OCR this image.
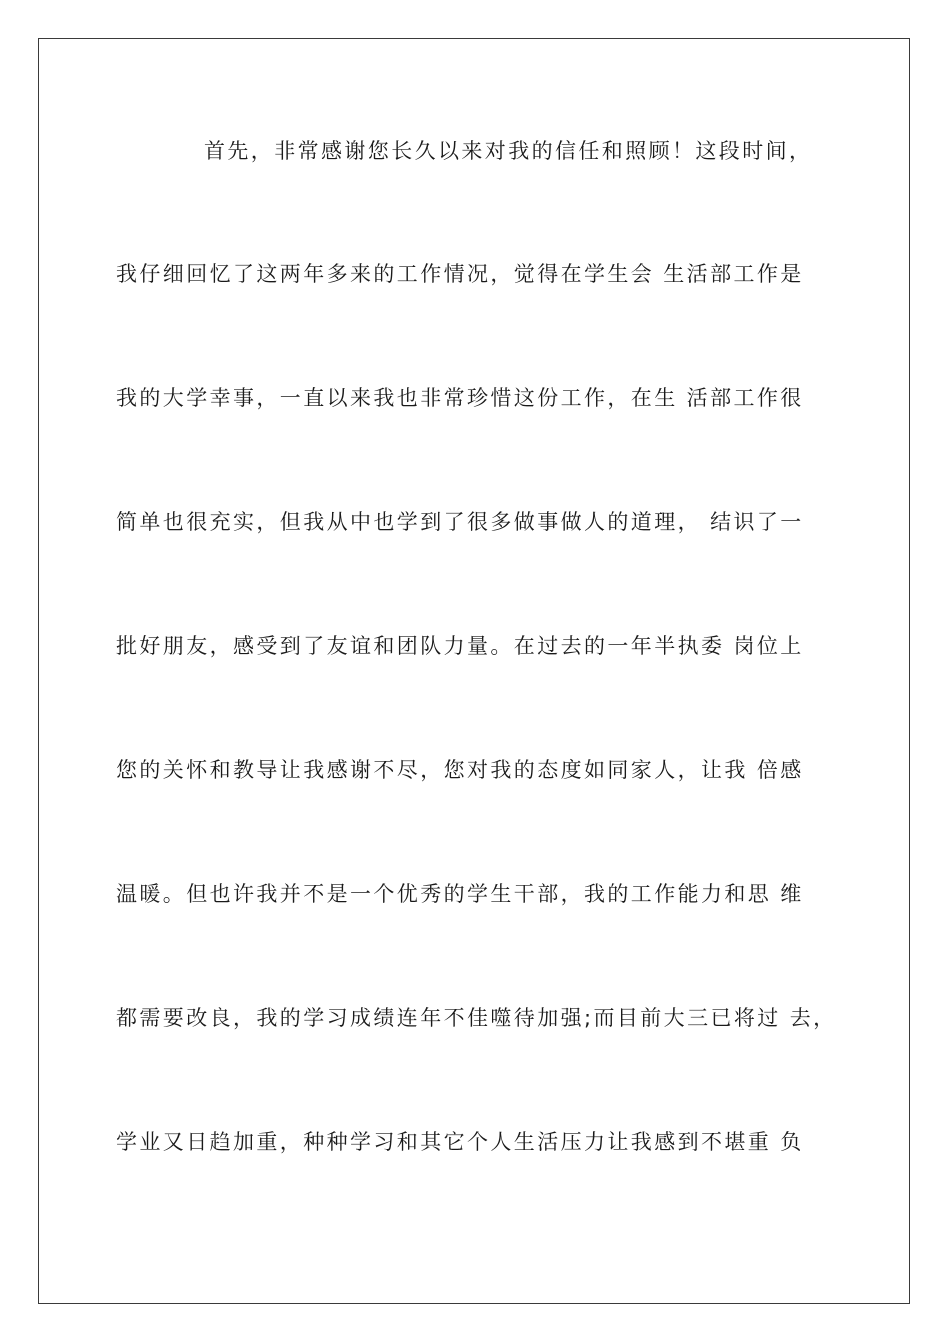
首先，非常感谢您长久以来对我的信任和照顾！这段时间，
我仔细回忆了这两年多来的工作情况，觉得在学生会 生活部工作是
我的大学幸事，一直以来我也非常珍惜这份工作，在生 活部工作很
简单也很充实，但我从中也学到了很多做事做人的道理， 结识了一
批好朋友，感受到了友谊和团队力量。在过去的一年半执委 岗位上
您的关怀和教导让我感谢不尽，您对我的态度如同家人，让我 倍感
温暖。但也许我并不是一个优秀的学生干部，我的工作能力和思 维
都需要改良，我的学习成绩连年不佳噬待加强;而目前大三已将过 去，
学业又日趋加重，种种学习和其它个人生活压力让我感到不堪重 负
